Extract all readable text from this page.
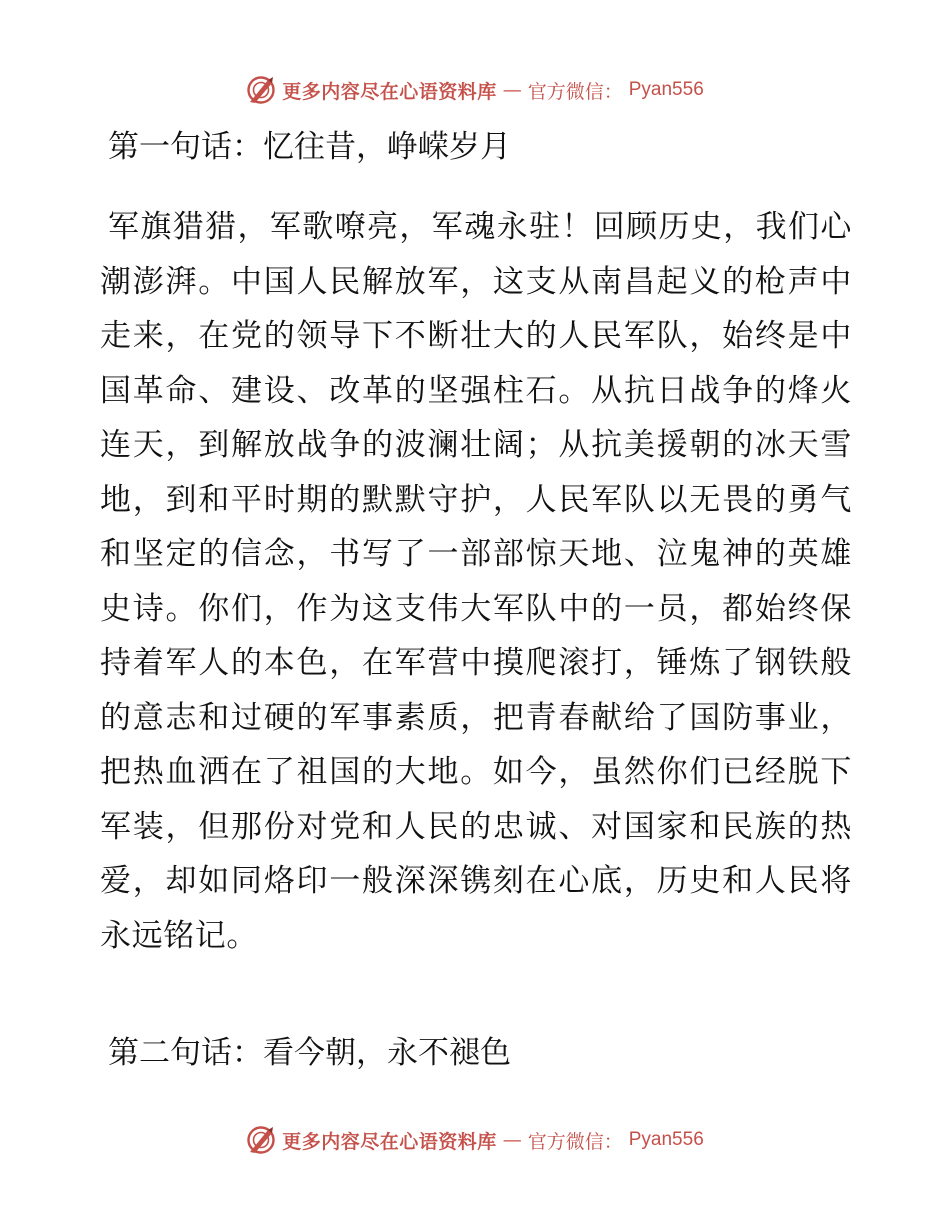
更多内容尽在心语资料库 — 官方微信： Pyan556
第一句话：忆往昔，峥嵘岁月

军旗猎猎，军歌嘹亮，军魂永驻！回顾历史，我们心潮澎湃。中国人民解放军，这支从南昌起义的枪声中走来，在党的领导下不断壮大的人民军队，始终是中国革命、建设、改革的坚强柱石。从抗日战争的烽火连天，到解放战争的波澜壮阔；从抗美援朝的冰天雪地，到和平时期的默默守护，人民军队以无畏的勇气和坚定的信念，书写了一部部惊天地、泣鬼神的英雄史诗。你们，作为这支伟大军队中的一员，都始终保持着军人的本色，在军营中摸爬滚打，锤炼了钢铁般的意志和过硬的军事素质，把青春献给了国防事业，把热血洒在了祖国的大地。如今，虽然你们已经脱下军装，但那份对党和人民的忠诚、对国家和民族的热爱，却如同烙印一般深深镌刻在心底，历史和人民将永远铭记。

第二句话：看今朝，永不褪色
更多内容尽在心语资料库 — 官方微信： Pyan556
